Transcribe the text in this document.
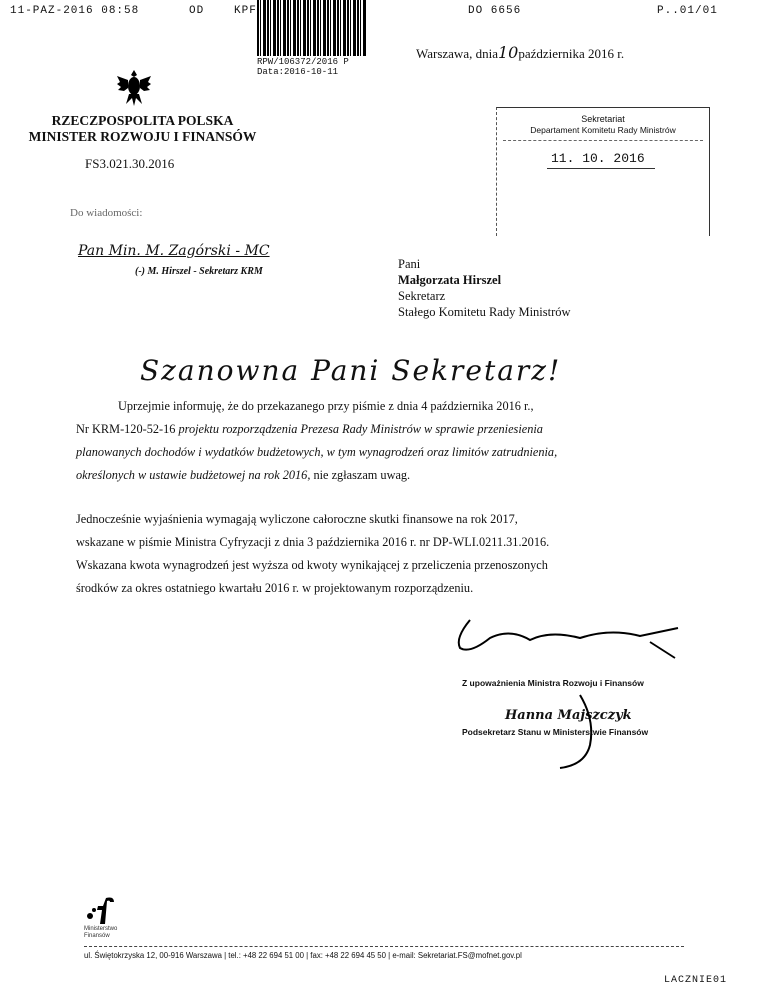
11-PAZ-2016 08:58	OD	KPF
RPW/106372/2016 P
Data:2016-10-11
DO 6656	P..01/01
Warszawa, dnia10października 2016 r.
RZECZPOSPOLITA POLSKA
MINISTER ROZWOJU I FINANSÓW
FS3.021.30.2016
Sekretariat
Departament Komitetu Rady Ministrów
11. 10. 2016
Do wiadomości:
Pan Min. M. Zagórski - MC
(-) M. Hirszel - Sekretarz KRM
Pani
Małgorzata Hirszel
Sekretarz
Stałego Komitetu Rady Ministrów
Szanowna Pani Sekretarz!
Uprzejmie informuję, że do przekazanego przy piśmie z dnia 4 października 2016 r.,
Nr KRM-120-52-16 projektu rozporządzenia Prezesa Rady Ministrów w sprawie przeniesienia
planowanych dochodów i wydatków budżetowych, w tym wynagrodzeń oraz limitów zatrudnienia,
określonych w ustawie budżetowej na rok 2016, nie zgłaszam uwag.
Jednocześnie wyjaśnienia wymagają wyliczone całoroczne skutki finansowe na rok 2017,
wskazane w piśmie Ministra Cyfryzacji z dnia 3 października 2016 r. nr DP-WLI.0211.31.2016.
Wskazana kwota wynagrodzeń jest wyższa od kwoty wynikającej z przeliczenia przenoszonych
środków za okres ostatniego kwartału 2016 r. w projektowanym rozporządzeniu.
Z upoważnienia Ministra Rozwoju i Finansów
Hanna Majszczyk
Podsekretarz Stanu w Ministerstwie Finansów
Ministerstwo
Finansów
ul. Świętokrzyska 12, 00-916 Warszawa | tel.: +48 22 694 51 00 | fax: +48 22 694 45 50 | e-mail: Sekretariat.FS@mofnet.gov.pl
LACZNIE01
